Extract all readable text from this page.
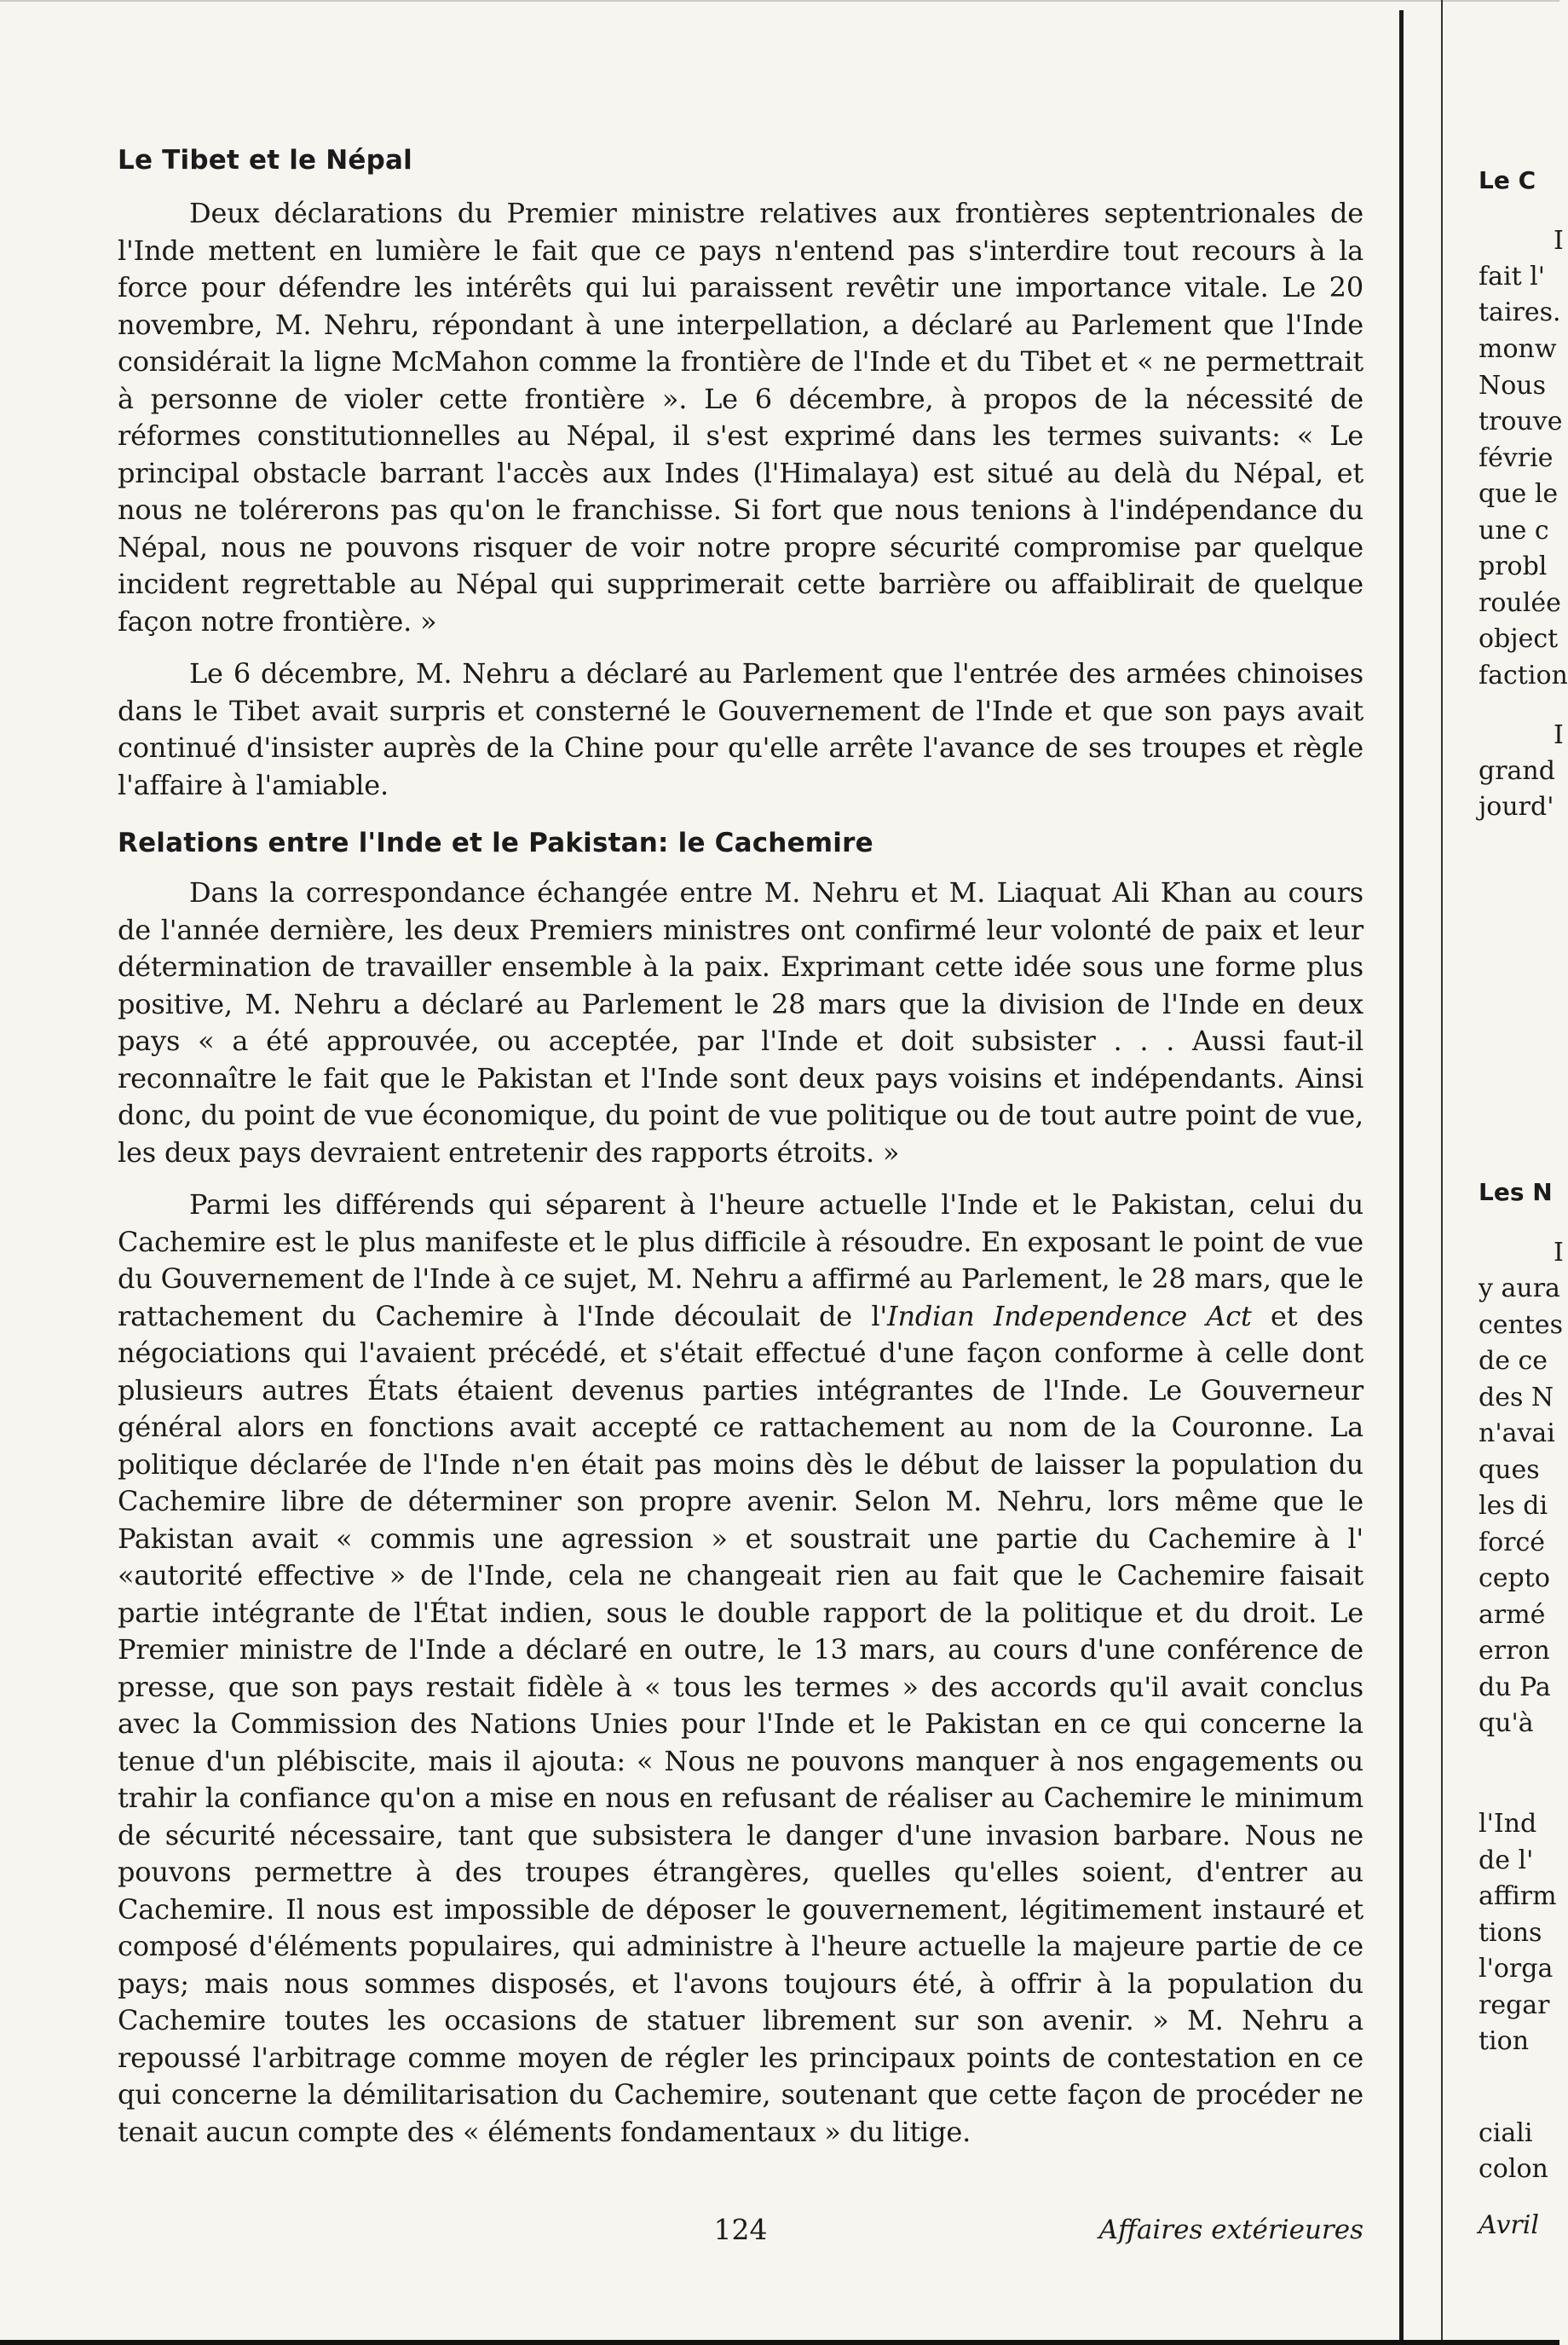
Le Tibet et le Népal

Deux déclarations du Premier ministre relatives aux frontières septentrionales de l'Inde mettent en lumière le fait que ce pays n'entend pas s'interdire tout recours à la force pour défendre les intérêts qui lui paraissent revêtir une importance vitale. Le 20 novembre, M. Nehru, répondant à une interpellation, a déclaré au Parlement que l'Inde considérait la ligne McMahon comme la frontière de l'Inde et du Tibet et « ne permettrait à personne de violer cette frontière ». Le 6 décembre, à propos de la nécessité de réformes constitutionnelles au Népal, il s'est exprimé dans les termes suivants: « Le principal obstacle barrant l'accès aux Indes (l'Himalaya) est situé au delà du Népal, et nous ne tolérerons pas qu'on le franchisse. Si fort que nous tenions à l'indépendance du Népal, nous ne pouvons risquer de voir notre propre sécurité compromise par quelque incident regrettable au Népal qui supprimerait cette barrière ou affaiblirait de quelque façon notre frontière. »

Le 6 décembre, M. Nehru a déclaré au Parlement que l'entrée des armées chinoises dans le Tibet avait surpris et consterné le Gouvernement de l'Inde et que son pays avait continué d'insister auprès de la Chine pour qu'elle arrête l'avance de ses troupes et règle l'affaire à l'amiable.

Relations entre l'Inde et le Pakistan: le Cachemire

Dans la correspondance échangée entre M. Nehru et M. Liaquat Ali Khan au cours de l'année dernière, les deux Premiers ministres ont confirmé leur volonté de paix et leur détermination de travailler ensemble à la paix. Exprimant cette idée sous une forme plus positive, M. Nehru a déclaré au Parlement le 28 mars que la division de l'Inde en deux pays « a été approuvée, ou acceptée, par l'Inde et doit subsister . . . Aussi faut-il reconnaître le fait que le Pakistan et l'Inde sont deux pays voisins et indépendants. Ainsi donc, du point de vue économique, du point de vue politique ou de tout autre point de vue, les deux pays devraient entretenir des rapports étroits. »

Parmi les différends qui séparent à l'heure actuelle l'Inde et le Pakistan, celui du Cachemire est le plus manifeste et le plus difficile à résoudre. En exposant le point de vue du Gouvernement de l'Inde à ce sujet, M. Nehru a affirmé au Parlement, le 28 mars, que le rattachement du Cachemire à l'Inde découlait de l'Indian Independence Act et des négociations qui l'avaient précédé, et s'était effectué d'une façon conforme à celle dont plusieurs autres États étaient devenus parties intégrantes de l'Inde. Le Gouverneur général alors en fonctions avait accepté ce rattachement au nom de la Couronne. La politique déclarée de l'Inde n'en était pas moins dès le début de laisser la population du Cachemire libre de déterminer son propre avenir. Selon M. Nehru, lors même que le Pakistan avait « commis une agression » et soustrait une partie du Cachemire à l' «autorité effective » de l'Inde, cela ne changeait rien au fait que le Cachemire faisait partie intégrante de l'État indien, sous le double rapport de la politique et du droit. Le Premier ministre de l'Inde a déclaré en outre, le 13 mars, au cours d'une conférence de presse, que son pays restait fidèle à « tous les termes » des accords qu'il avait conclus avec la Commission des Nations Unies pour l'Inde et le Pakistan en ce qui concerne la tenue d'un plébiscite, mais il ajouta: « Nous ne pouvons manquer à nos engagements ou trahir la confiance qu'on a mise en nous en refusant de réaliser au Cachemire le minimum de sécurité nécessaire, tant que subsistera le danger d'une invasion barbare. Nous ne pouvons permettre à des troupes étrangères, quelles qu'elles soient, d'entrer au Cachemire. Il nous est impossible de déposer le gouvernement, légitimement instauré et composé d'éléments populaires, qui administre à l'heure actuelle la majeure partie de ce pays; mais nous sommes disposés, et l'avons toujours été, à offrir à la population du Cachemire toutes les occasions de statuer librement sur son avenir. » M. Nehru a repoussé l'arbitrage comme moyen de régler les principaux points de contestation en ce qui concerne la démilitarisation du Cachemire, soutenant que cette façon de procéder ne tenait aucun compte des « éléments fondamentaux » du litige.

124	Affaires extérieures
Le C
I
fait l'
taires.
monw
Nous
trouve
févrie
que le
une c
probl
roulée
object
faction
I
grand
jourd'
Les N
I
y aura
centes
de ce
des N
n'avai
ques
les di
forcé
cepto
armé
erron
du Pa
qu'à
l'Ind
de l'
affirm
tions
l'orga
regar
tion
ciali
colon
Avril
